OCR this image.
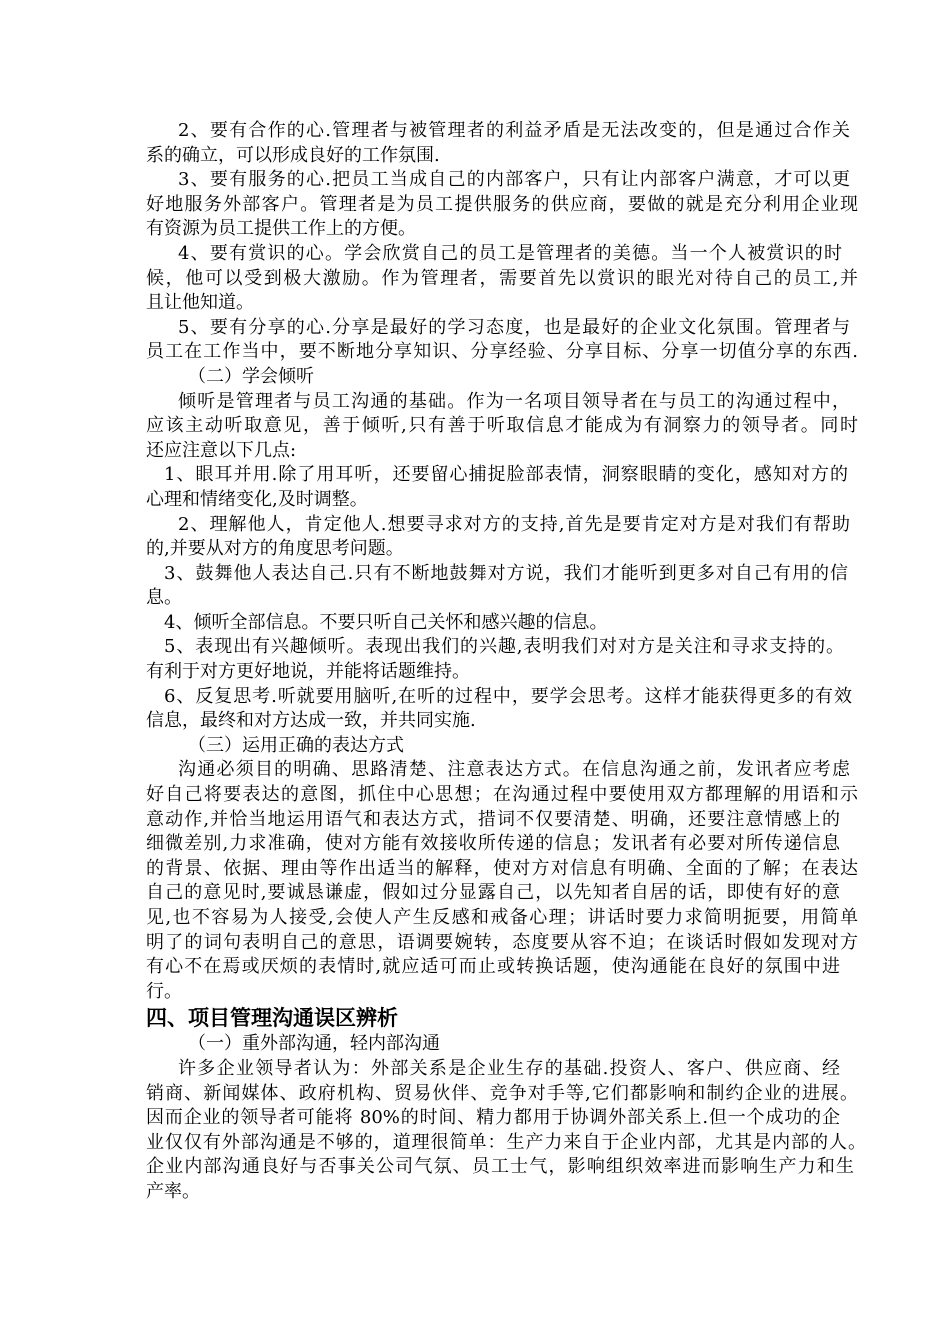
2、要有合作的心.管理者与被管理者的利益矛盾是无法改变的，但是通过合作关
系的确立，可以形成良好的工作氛围.
3、要有服务的心.把员工当成自己的内部客户，只有让内部客户满意，才可以更
好地服务外部客户。管理者是为员工提供服务的供应商，要做的就是充分利用企业现
有资源为员工提供工作上的方便。
4、要有赏识的心。学会欣赏自己的员工是管理者的美德。当一个人被赏识的时
候，他可以受到极大激励。作为管理者，需要首先以赏识的眼光对待自己的员工,并
且让他知道。
5、要有分享的心.分享是最好的学习态度，也是最好的企业文化氛围。管理者与
员工在工作当中，要不断地分享知识、分享经验、分享目标、分享一切值分享的东西.
（二）学会倾听
倾听是管理者与员工沟通的基础。作为一名项目领导者在与员工的沟通过程中，
应该主动听取意见，善于倾听,只有善于听取信息才能成为有洞察力的领导者。同时
还应注意以下几点:
1、眼耳并用.除了用耳听，还要留心捕捉脸部表情，洞察眼睛的变化，感知对方的
心理和情绪变化,及时调整。
2、理解他人，肯定他人.想要寻求对方的支持,首先是要肯定对方是对我们有帮助
的,并要从对方的角度思考问题。
3、鼓舞他人表达自己.只有不断地鼓舞对方说，我们才能听到更多对自己有用的信
息。
4、倾听全部信息。不要只听自己关怀和感兴趣的信息。
5、表现出有兴趣倾听。表现出我们的兴趣,表明我们对对方是关注和寻求支持的。
有利于对方更好地说，并能将话题维持。
6、反复思考.听就要用脑听,在听的过程中，要学会思考。这样才能获得更多的有效
信息，最终和对方达成一致，并共同实施.
（三）运用正确的表达方式
沟通必须目的明确、思路清楚、注意表达方式。在信息沟通之前，发讯者应考虑
好自己将要表达的意图，抓住中心思想；在沟通过程中要使用双方都理解的用语和示
意动作,并恰当地运用语气和表达方式，措词不仅要清楚、明确，还要注意情感上的
细微差别,力求准确，使对方能有效接收所传递的信息；发讯者有必要对所传递信息
的背景、依据、理由等作出适当的解释，使对方对信息有明确、全面的了解；在表达
自己的意见时,要诚恳谦虚，假如过分显露自己，以先知者自居的话，即使有好的意
见,也不容易为人接受,会使人产生反感和戒备心理；讲话时要力求简明扼要，用简单
明了的词句表明自己的意思，语调要婉转，态度要从容不迫；在谈话时假如发现对方
有心不在焉或厌烦的表情时,就应适可而止或转换话题，使沟通能在良好的氛围中进
行。
四、项目管理沟通误区辨析
（一）重外部沟通，轻内部沟通
许多企业领导者认为：外部关系是企业生存的基础.投资人、客户、供应商、经
销商、新闻媒体、政府机构、贸易伙伴、竞争对手等,它们都影响和制约企业的进展。
因而企业的领导者可能将 80%的时间、精力都用于协调外部关系上.但一个成功的企
业仅仅有外部沟通是不够的，道理很简单：生产力来自于企业内部，尤其是内部的人。
企业内部沟通良好与否事关公司气氛、员工士气，影响组织效率进而影响生产力和生
产率。
